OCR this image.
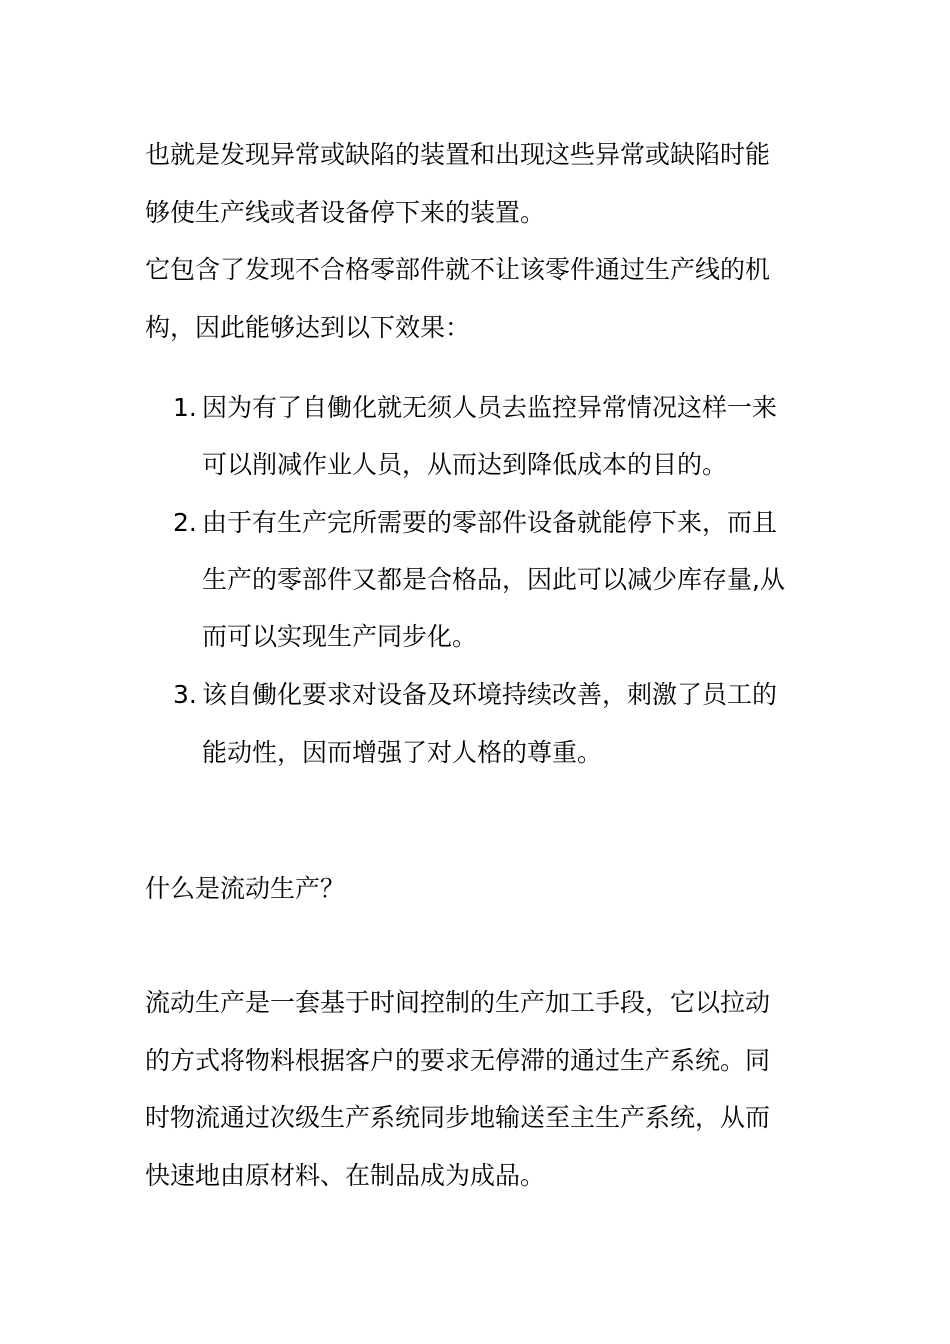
也就是发现异常或缺陷的装置和出现这些异常或缺陷时能
够使生产线或者设备停下来的装置。
它包含了发现不合格零部件就不让该零件通过生产线的机
构，因此能够达到以下效果：
1. 因为有了自働化就无须人员去监控异常情况这样一来
可以削减作业人员，从而达到降低成本的目的。
2. 由于有生产完所需要的零部件设备就能停下来，而且
生产的零部件又都是合格品，因此可以减少库存量,从
而可以实现生产同步化。
3. 该自働化要求对设备及环境持续改善，刺激了员工的
能动性，因而增强了对人格的尊重。
什么是流动生产？
流动生产是一套基于时间控制的生产加工手段，它以拉动
的方式将物料根据客户的要求无停滞的通过生产系统。同
时物流通过次级生产系统同步地输送至主生产系统，从而
快速地由原材料、在制品成为成品。
